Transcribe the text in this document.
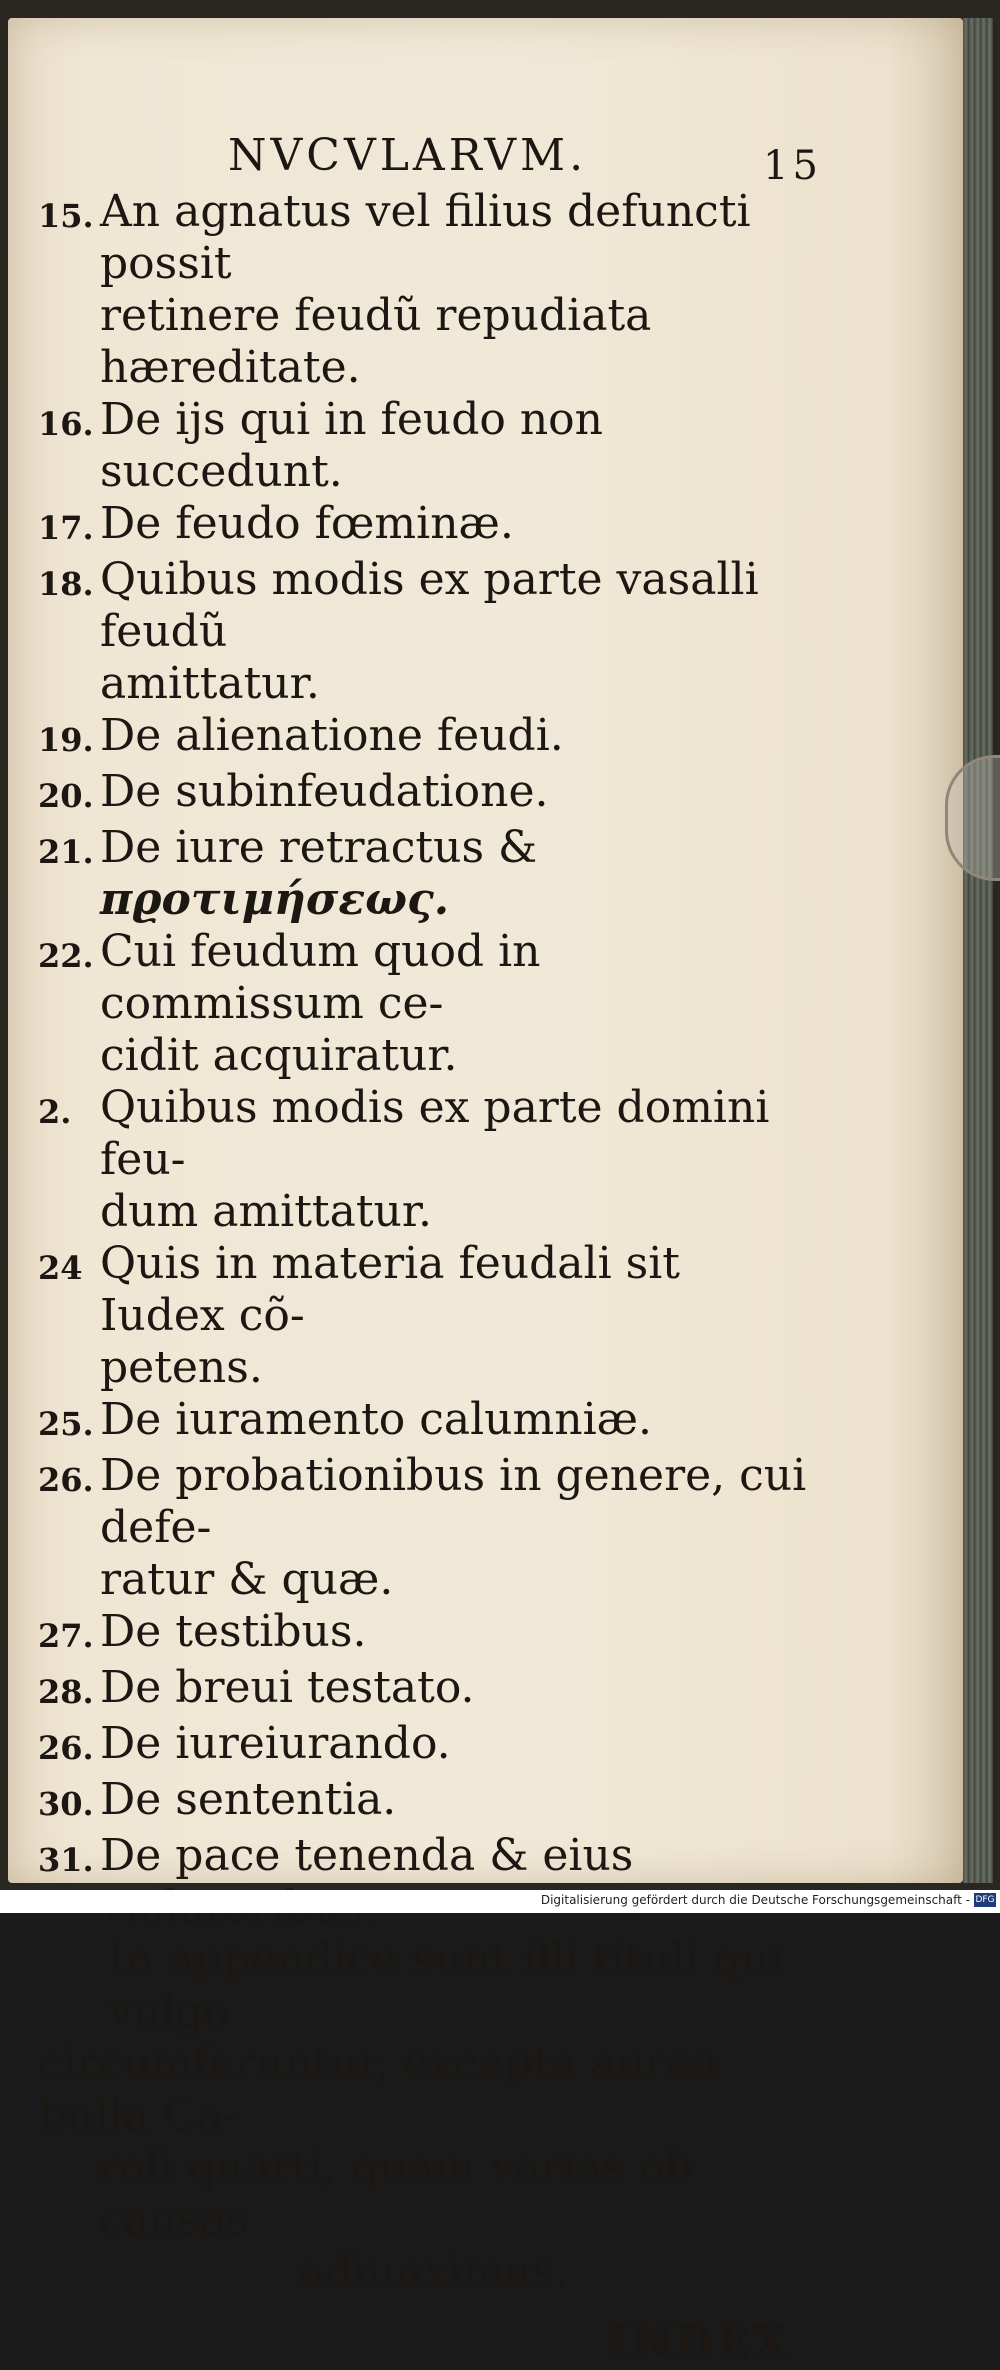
NVCVLARVM.	15
15. An agnatus vel filius defuncti possit
retinere feudũ repudiata hæreditate.
16. De ijs qui in feudo non succedunt.
17. De feudo fœminæ.
18. Quibus modis ex parte vasalli feudũ
amittatur.
19. De alienatione feudi.
20. De subinfeudatione.
21. De iure retractus & πϱοτιμήσεως.
22. Cui feudum quod in commissum ce-
cidit acquiratur.
2. Quibus modis ex parte domini feu-
dum amittatur.
24 Quis in materia feudali sit Iudex cõ-
petens.
25. De iuramento calumniæ.
26. De probationibus in genere, cui defe-
ratur & quæ.
27. De testibus.
28. De breui testato.
26. De iureiurando.
30. De sententia.
31. De pace tenenda & eius
In appendice sunt illi tituli qui vulgo
circumferuntur, excepta aurea bulla Ca-
roli quarti, quam varias ob causas
adiunximus.
INDEX
Digitalisierung gefördert durch die Deutsche Forschungsgemeinschaft - DFG
